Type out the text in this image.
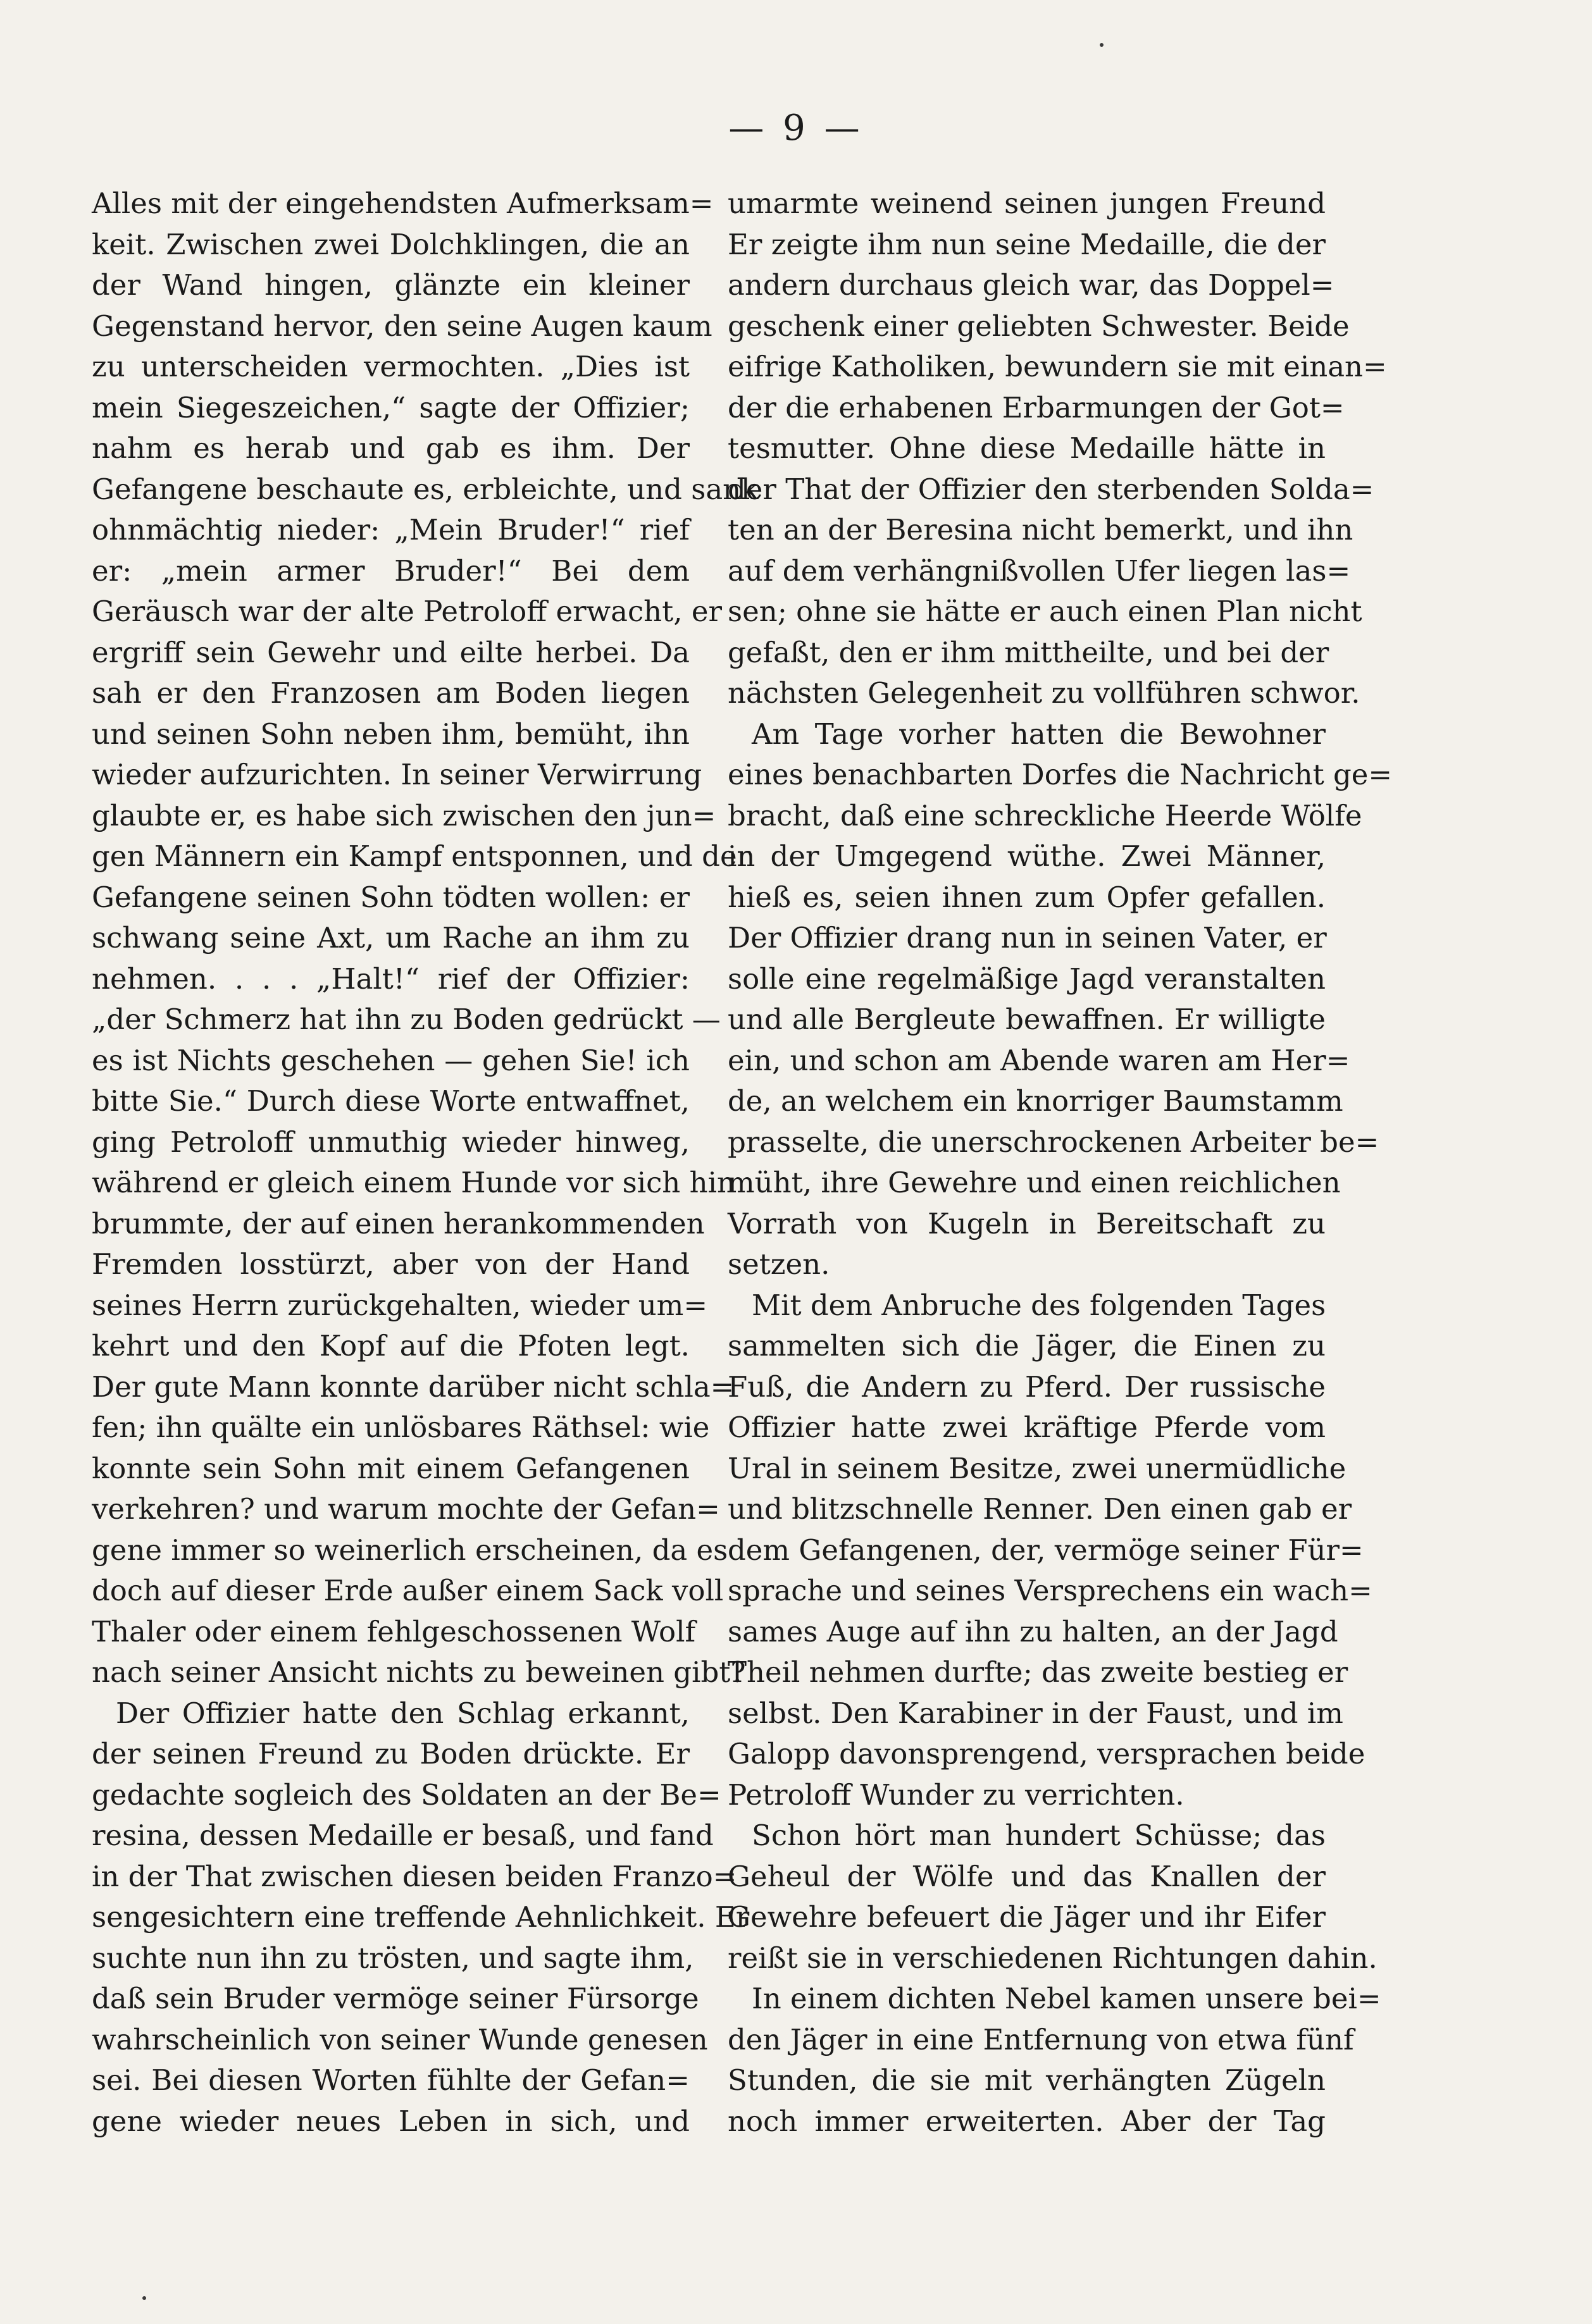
— 9 —
Alles mit der eingehendsten Aufmerksam=
keit. Zwischen zwei Dolchklingen, die an
der Wand hingen, glänzte ein kleiner
Gegenstand hervor, den seine Augen kaum
zu unterscheiden vermochten. „Dies ist
mein Siegeszeichen,“ sagte der Offizier;
nahm es herab und gab es ihm. Der
Gefangene beschaute es, erbleichte, und sank
ohnmächtig nieder: „Mein Bruder!“ rief
er: „mein armer Bruder!“ Bei dem
Geräusch war der alte Petroloff erwacht, er
ergriff sein Gewehr und eilte herbei. Da
sah er den Franzosen am Boden liegen
und seinen Sohn neben ihm, bemüht, ihn
wieder aufzurichten. In seiner Verwirrung
glaubte er, es habe sich zwischen den jun=
gen Männern ein Kampf entsponnen, und der
Gefangene seinen Sohn tödten wollen: er
schwang seine Axt, um Rache an ihm zu
nehmen. . . . „Halt!“ rief der Offizier:
„der Schmerz hat ihn zu Boden gedrückt —
es ist Nichts geschehen — gehen Sie! ich
bitte Sie.“ Durch diese Worte entwaffnet,
ging Petroloff unmuthig wieder hinweg,
während er gleich einem Hunde vor sich hin
brummte, der auf einen herankommenden
Fremden losstürzt, aber von der Hand
seines Herrn zurückgehalten, wieder um=
kehrt und den Kopf auf die Pfoten legt.
Der gute Mann konnte darüber nicht schla=
fen; ihn quälte ein unlösbares Räthsel: wie
konnte sein Sohn mit einem Gefangenen
verkehren? und warum mochte der Gefan=
gene immer so weinerlich erscheinen, da es
doch auf dieser Erde außer einem Sack voll
Thaler oder einem fehlgeschossenen Wolf
nach seiner Ansicht nichts zu beweinen gibt?
Der Offizier hatte den Schlag erkannt,
der seinen Freund zu Boden drückte. Er
gedachte sogleich des Soldaten an der Be=
resina, dessen Medaille er besaß, und fand
in der That zwischen diesen beiden Franzo=
sengesichtern eine treffende Aehnlichkeit. Er
suchte nun ihn zu trösten, und sagte ihm,
daß sein Bruder vermöge seiner Fürsorge
wahrscheinlich von seiner Wunde genesen
sei. Bei diesen Worten fühlte der Gefan=
gene wieder neues Leben in sich, und
umarmte weinend seinen jungen Freund
Er zeigte ihm nun seine Medaille, die der
andern durchaus gleich war, das Doppel=
geschenk einer geliebten Schwester. Beide
eifrige Katholiken, bewundern sie mit einan=
der die erhabenen Erbarmungen der Got=
tesmutter. Ohne diese Medaille hätte in
der That der Offizier den sterbenden Solda=
ten an der Beresina nicht bemerkt, und ihn
auf dem verhängnißvollen Ufer liegen las=
sen; ohne sie hätte er auch einen Plan nicht
gefaßt, den er ihm mittheilte, und bei der
nächsten Gelegenheit zu vollführen schwor.
Am Tage vorher hatten die Bewohner
eines benachbarten Dorfes die Nachricht ge=
bracht, daß eine schreckliche Heerde Wölfe
in der Umgegend wüthe. Zwei Männer,
hieß es, seien ihnen zum Opfer gefallen.
Der Offizier drang nun in seinen Vater, er
solle eine regelmäßige Jagd veranstalten
und alle Bergleute bewaffnen. Er willigte
ein, und schon am Abende waren am Her=
de, an welchem ein knorriger Baumstamm
prasselte, die unerschrockenen Arbeiter be=
müht, ihre Gewehre und einen reichlichen
Vorrath von Kugeln in Bereitschaft zu
setzen.
Mit dem Anbruche des folgenden Tages
sammelten sich die Jäger, die Einen zu
Fuß, die Andern zu Pferd. Der russische
Offizier hatte zwei kräftige Pferde vom
Ural in seinem Besitze, zwei unermüdliche
und blitzschnelle Renner. Den einen gab er
dem Gefangenen, der, vermöge seiner Für=
sprache und seines Versprechens ein wach=
sames Auge auf ihn zu halten, an der Jagd
Theil nehmen durfte; das zweite bestieg er
selbst. Den Karabiner in der Faust, und im
Galopp davonsprengend, versprachen beide
Petroloff Wunder zu verrichten.
Schon hört man hundert Schüsse; das
Geheul der Wölfe und das Knallen der
Gewehre befeuert die Jäger und ihr Eifer
reißt sie in verschiedenen Richtungen dahin.
In einem dichten Nebel kamen unsere bei=
den Jäger in eine Entfernung von etwa fünf
Stunden, die sie mit verhängten Zügeln
noch immer erweiterten. Aber der Tag
